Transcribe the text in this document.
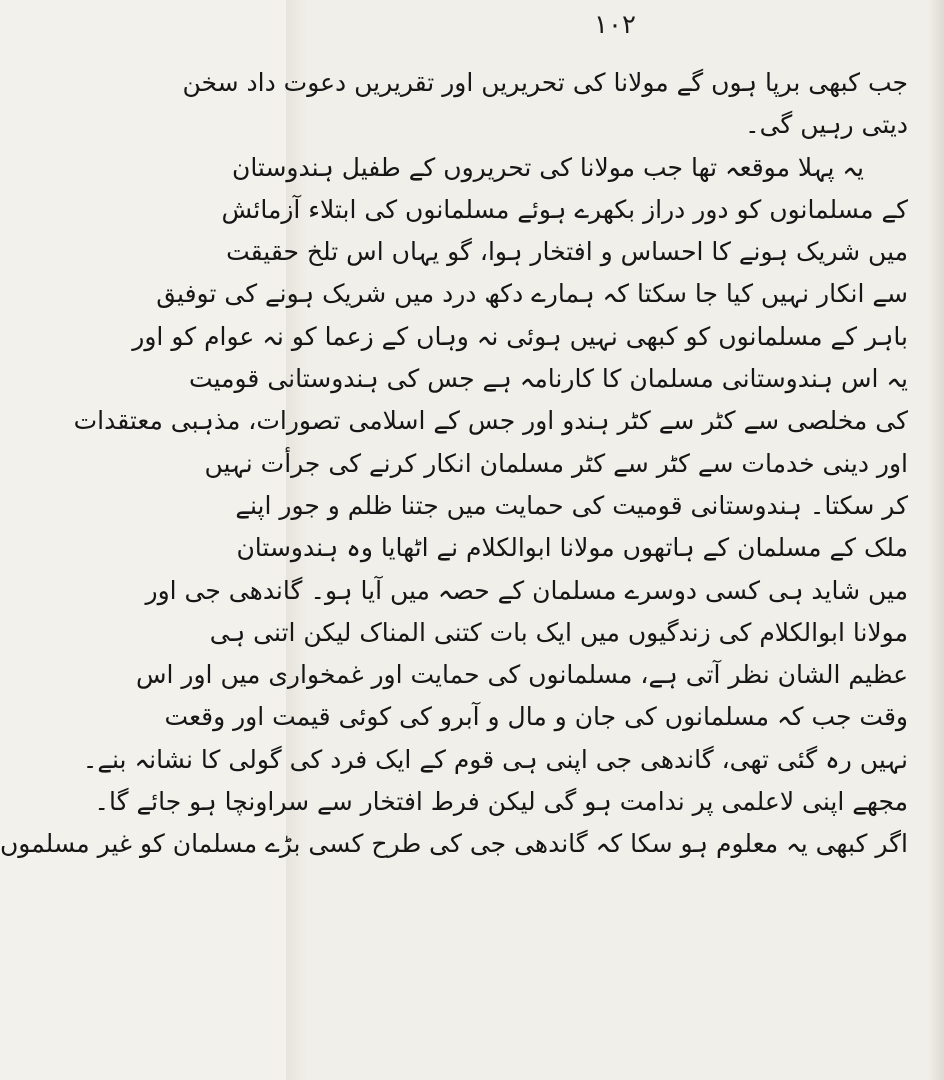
۱۰۲
جب کبھی برپا ہوں گے مولانا کی تحریریں اور تقریریں دعوت داد سخن
دیتی رہیں گی۔
یہ پہلا موقعہ تھا جب مولانا کی تحریروں کے طفیل ہندوستان
کے مسلمانوں کو دور دراز بکھرے ہوئے مسلمانوں کی ابتلاء آزمائش
میں شریک ہونے کا احساس و افتخار ہوا، گو یہاں اس تلخ حقیقت
سے انکار نہیں کیا جا سکتا کہ ہمارے دکھ درد میں شریک ہونے کی توفیق
باہر کے مسلمانوں کو کبھی نہیں ہوئی نہ وہاں کے زعما کو نہ عوام کو اور
یہ اس ہندوستانی مسلمان کا کارنامہ ہے جس کی ہندوستانی قومیت
کی مخلصی سے کٹر سے کٹر ہندو اور جس کے اسلامی تصورات، مذہبی معتقدات
اور دینی خدمات سے کٹر سے کٹر مسلمان انکار کرنے کی جرأت نہیں
کر سکتا۔ ہندوستانی قومیت کی حمایت میں جتنا ظلم و جور اپنے
ملک کے مسلمان کے ہاتھوں مولانا ابوالکلام نے اٹھایا وہ ہندوستان
میں شاید ہی کسی دوسرے مسلمان کے حصہ میں آیا ہو۔ گاندھی جی اور
مولانا ابوالکلام کی زندگیوں میں ایک بات کتنی المناک لیکن اتنی ہی
عظیم الشان نظر آتی ہے، مسلمانوں کی حمایت اور غمخواری میں اور اس
وقت جب کہ مسلمانوں کی جان و مال و آبرو کی کوئی قیمت اور وقعت
نہیں رہ گئی تھی، گاندھی جی اپنی ہی قوم کے ایک فرد کی گولی کا نشانہ بنے۔
مجھے اپنی لاعلمی پر ندامت ہو گی لیکن فرط افتخار سے سراونچا ہو جائے گا۔
اگر کبھی یہ معلوم ہو سکا کہ گاندھی جی کی طرح کسی بڑے مسلمان کو غیر مسلموں
